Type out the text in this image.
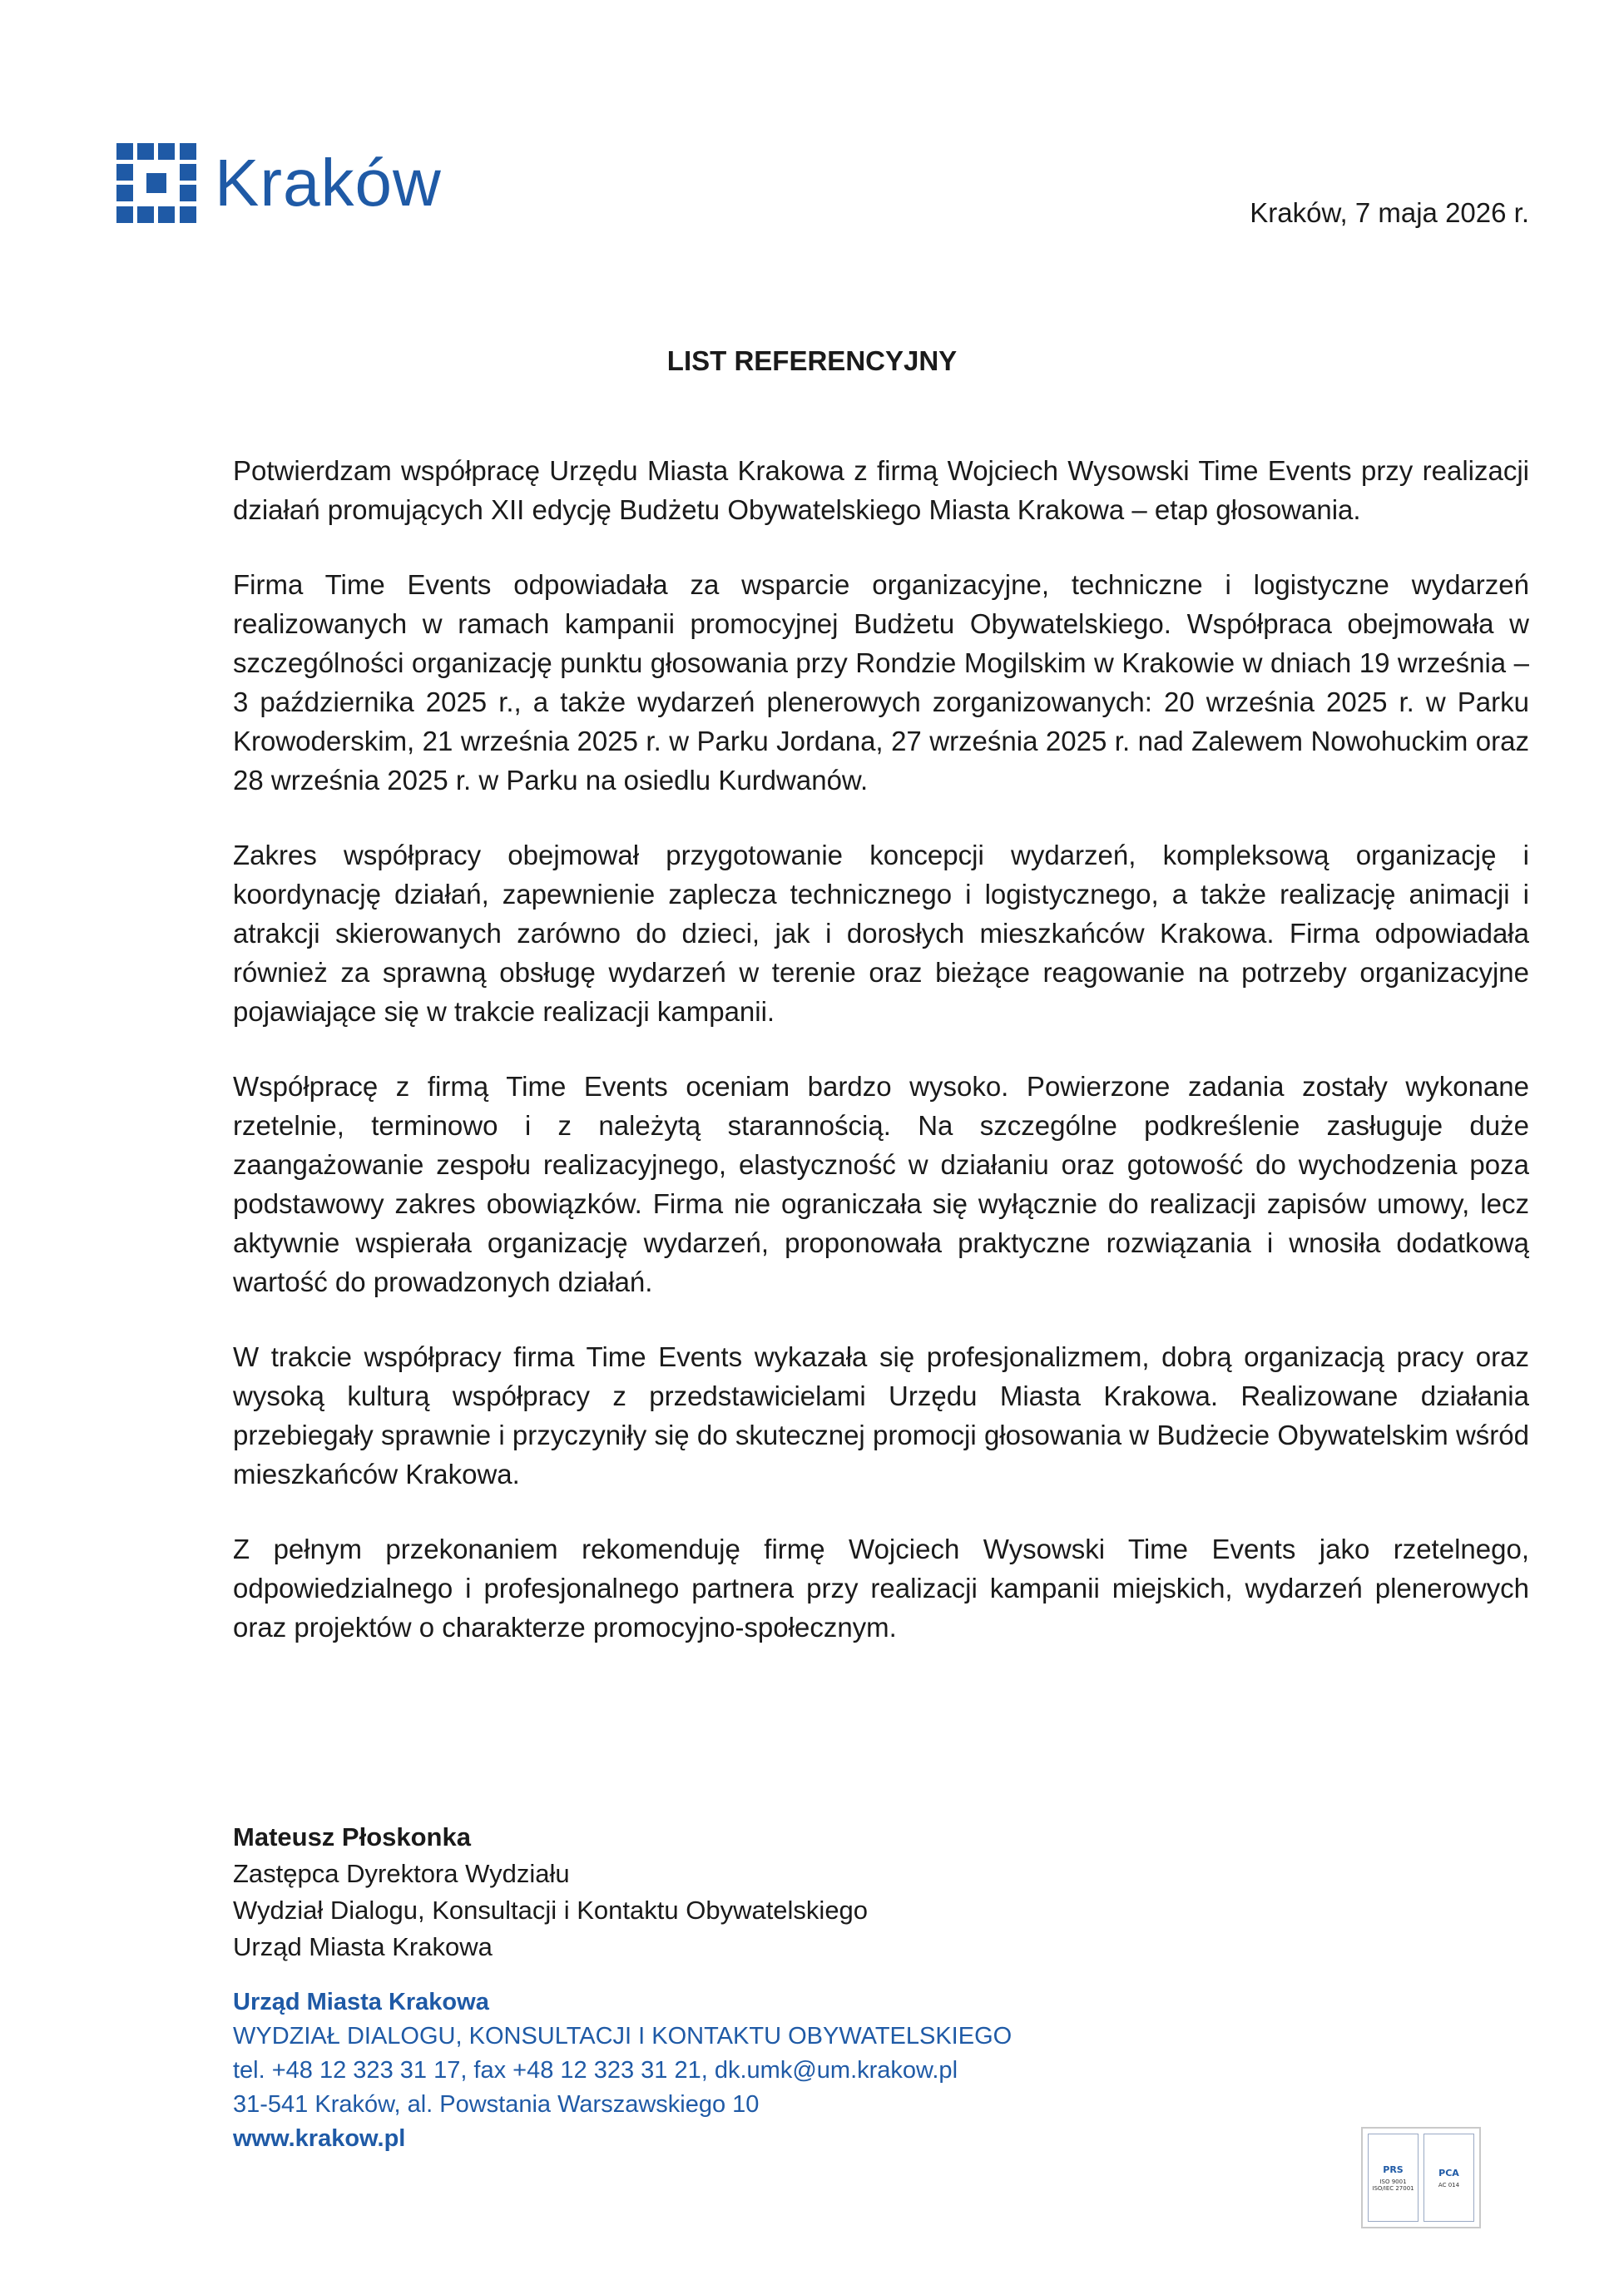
Kraków	Kraków, 7 maja 2026 r.
LIST REFERENCYJNY

Potwierdzam współpracę Urzędu Miasta Krakowa z firmą Wojciech Wysowski Time Events przy realizacji działań promujących XII edycję Budżetu Obywatelskiego Miasta Krakowa – etap głosowania.

Firma Time Events odpowiadała za wsparcie organizacyjne, techniczne i logistyczne wydarzeń realizowanych w ramach kampanii promocyjnej Budżetu Obywatelskiego. Współpraca obejmowała w szczególności organizację punktu głosowania przy Rondzie Mogilskim w Krakowie w dniach 19 września – 3 października 2025 r., a także wydarzeń plenerowych zorganizowanych: 20 września 2025 r. w Parku Krowoderskim, 21 września 2025 r. w Parku Jordana, 27 września 2025 r. nad Zalewem Nowohuckim oraz 28 września 2025 r. w Parku na osiedlu Kurdwanów.

Zakres współpracy obejmował przygotowanie koncepcji wydarzeń, kompleksową organizację i koordynację działań, zapewnienie zaplecza technicznego i logistycznego, a także realizację animacji i atrakcji skierowanych zarówno do dzieci, jak i dorosłych mieszkańców Krakowa. Firma odpowiadała również za sprawną obsługę wydarzeń w terenie oraz bieżące reagowanie na potrzeby organizacyjne pojawiające się w trakcie realizacji kampanii.

Współpracę z firmą Time Events oceniam bardzo wysoko. Powierzone zadania zostały wykonane rzetelnie, terminowo i z należytą starannością. Na szczególne podkreślenie zasługuje duże zaangażowanie zespołu realizacyjnego, elastyczność w działaniu oraz gotowość do wychodzenia poza podstawowy zakres obowiązków. Firma nie ograniczała się wyłącznie do realizacji zapisów umowy, lecz aktywnie wspierała organizację wydarzeń, proponowała praktyczne rozwiązania i wnosiła dodatkową wartość do prowadzonych działań.

W trakcie współpracy firma Time Events wykazała się profesjonalizmem, dobrą organizacją pracy oraz wysoką kulturą współpracy z przedstawicielami Urzędu Miasta Krakowa. Realizowane działania przebiegały sprawnie i przyczyniły się do skutecznej promocji głosowania w Budżecie Obywatelskim wśród mieszkańców Krakowa.

Z pełnym przekonaniem rekomenduję firmę Wojciech Wysowski Time Events jako rzetelnego, odpowiedzialnego i profesjonalnego partnera przy realizacji kampanii miejskich, wydarzeń plenerowych oraz projektów o charakterze promocyjno-społecznym.

Mateusz Płoskonka
Zastępca Dyrektora Wydziału
Wydział Dialogu, Konsultacji i Kontaktu Obywatelskiego
Urząd Miasta Krakowa
Urząd Miasta Krakowa
WYDZIAŁ DIALOGU, KONSULTACJI I KONTAKTU OBYWATELSKIEGO
tel. +48 12 323 31 17, fax +48 12 323 31 21, dk.umk@um.krakow.pl
31-541 Kraków, al. Powstania Warszawskiego 10
www.krakow.pl
PRS
ISO 9001 ISO/IEC 27001
PCA
AC 014
